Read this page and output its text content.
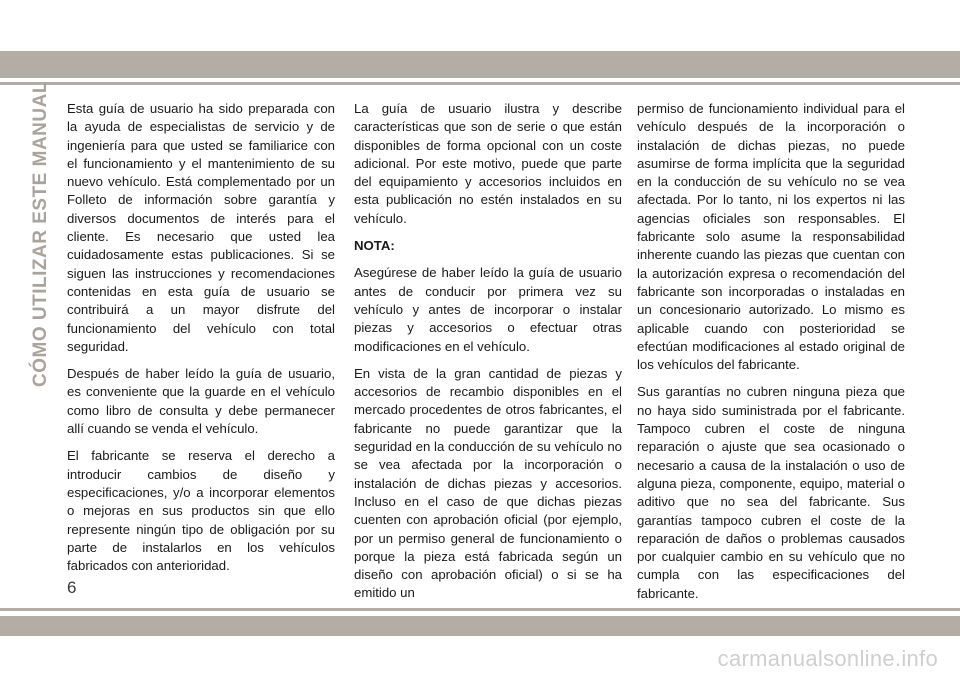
CÓMO UTILIZAR ESTE MANUAL Esta guía de usuario ha sido preparada con la ayuda de especialistas de servicio y de ingeniería para que usted se familiarice con el funcionamiento y el mantenimiento de su nuevo vehículo. Está complementado por un Folleto de información sobre garantía y diversos documentos de interés para el cliente. Es necesario que usted lea cuidadosamente estas publicaciones. Si se siguen las instrucciones y recomendaciones contenidas en esta guía de usuario se contribuirá a un mayor disfrute del funcionamiento del vehículo con total seguridad.

Después de haber leído la guía de usuario, es conveniente que la guarde en el vehículo como libro de consulta y debe permanecer allí cuando se venda el vehículo.

El fabricante se reserva el derecho a introducir cambios de diseño y especificaciones, y/o a incorporar elementos o mejoras en sus productos sin que ello represente ningún tipo de obligación por su parte de instalarlos en los vehículos fabricados con anterioridad.

La guía de usuario ilustra y describe características que son de serie o que están disponibles de forma opcional con un coste adicional. Por este motivo, puede que parte del equipamiento y accesorios incluidos en esta publicación no estén instalados en su vehículo.

NOTA:

Asegúrese de haber leído la guía de usuario antes de conducir por primera vez su vehículo y antes de incorporar o instalar piezas y accesorios o efectuar otras modificaciones en el vehículo.

En vista de la gran cantidad de piezas y accesorios de recambio disponibles en el mercado procedentes de otros fabricantes, el fabricante no puede garantizar que la seguridad en la conducción de su vehículo no se vea afectada por la incorporación o instalación de dichas piezas y accesorios. Incluso en el caso de que dichas piezas cuenten con aprobación oficial (por ejemplo, por un permiso general de funcionamiento o porque la pieza está fabricada según un diseño con aprobación oficial) o si se ha emitido un

permiso de funcionamiento individual para el vehículo después de la incorporación o instalación de dichas piezas, no puede asumirse de forma implícita que la seguridad en la conducción de su vehículo no se vea afectada. Por lo tanto, ni los expertos ni las agencias oficiales son responsables. El fabricante solo asume la responsabilidad inherente cuando las piezas que cuentan con la autorización expresa o recomendación del fabricante son incorporadas o instaladas en un concesionario autorizado. Lo mismo es aplicable cuando con posterioridad se efectúan modificaciones al estado original de los vehículos del fabricante.

Sus garantías no cubren ninguna pieza que no haya sido suministrada por el fabricante. Tampoco cubren el coste de ninguna reparación o ajuste que sea ocasionado o necesario a causa de la instalación o uso de alguna pieza, componente, equipo, material o aditivo que no sea del fabricante. Sus garantías tampoco cubren el coste de la reparación de daños o problemas causados por cualquier cambio en su vehículo que no cumpla con las especificaciones del fabricante.

6
carmanualsonline.info
